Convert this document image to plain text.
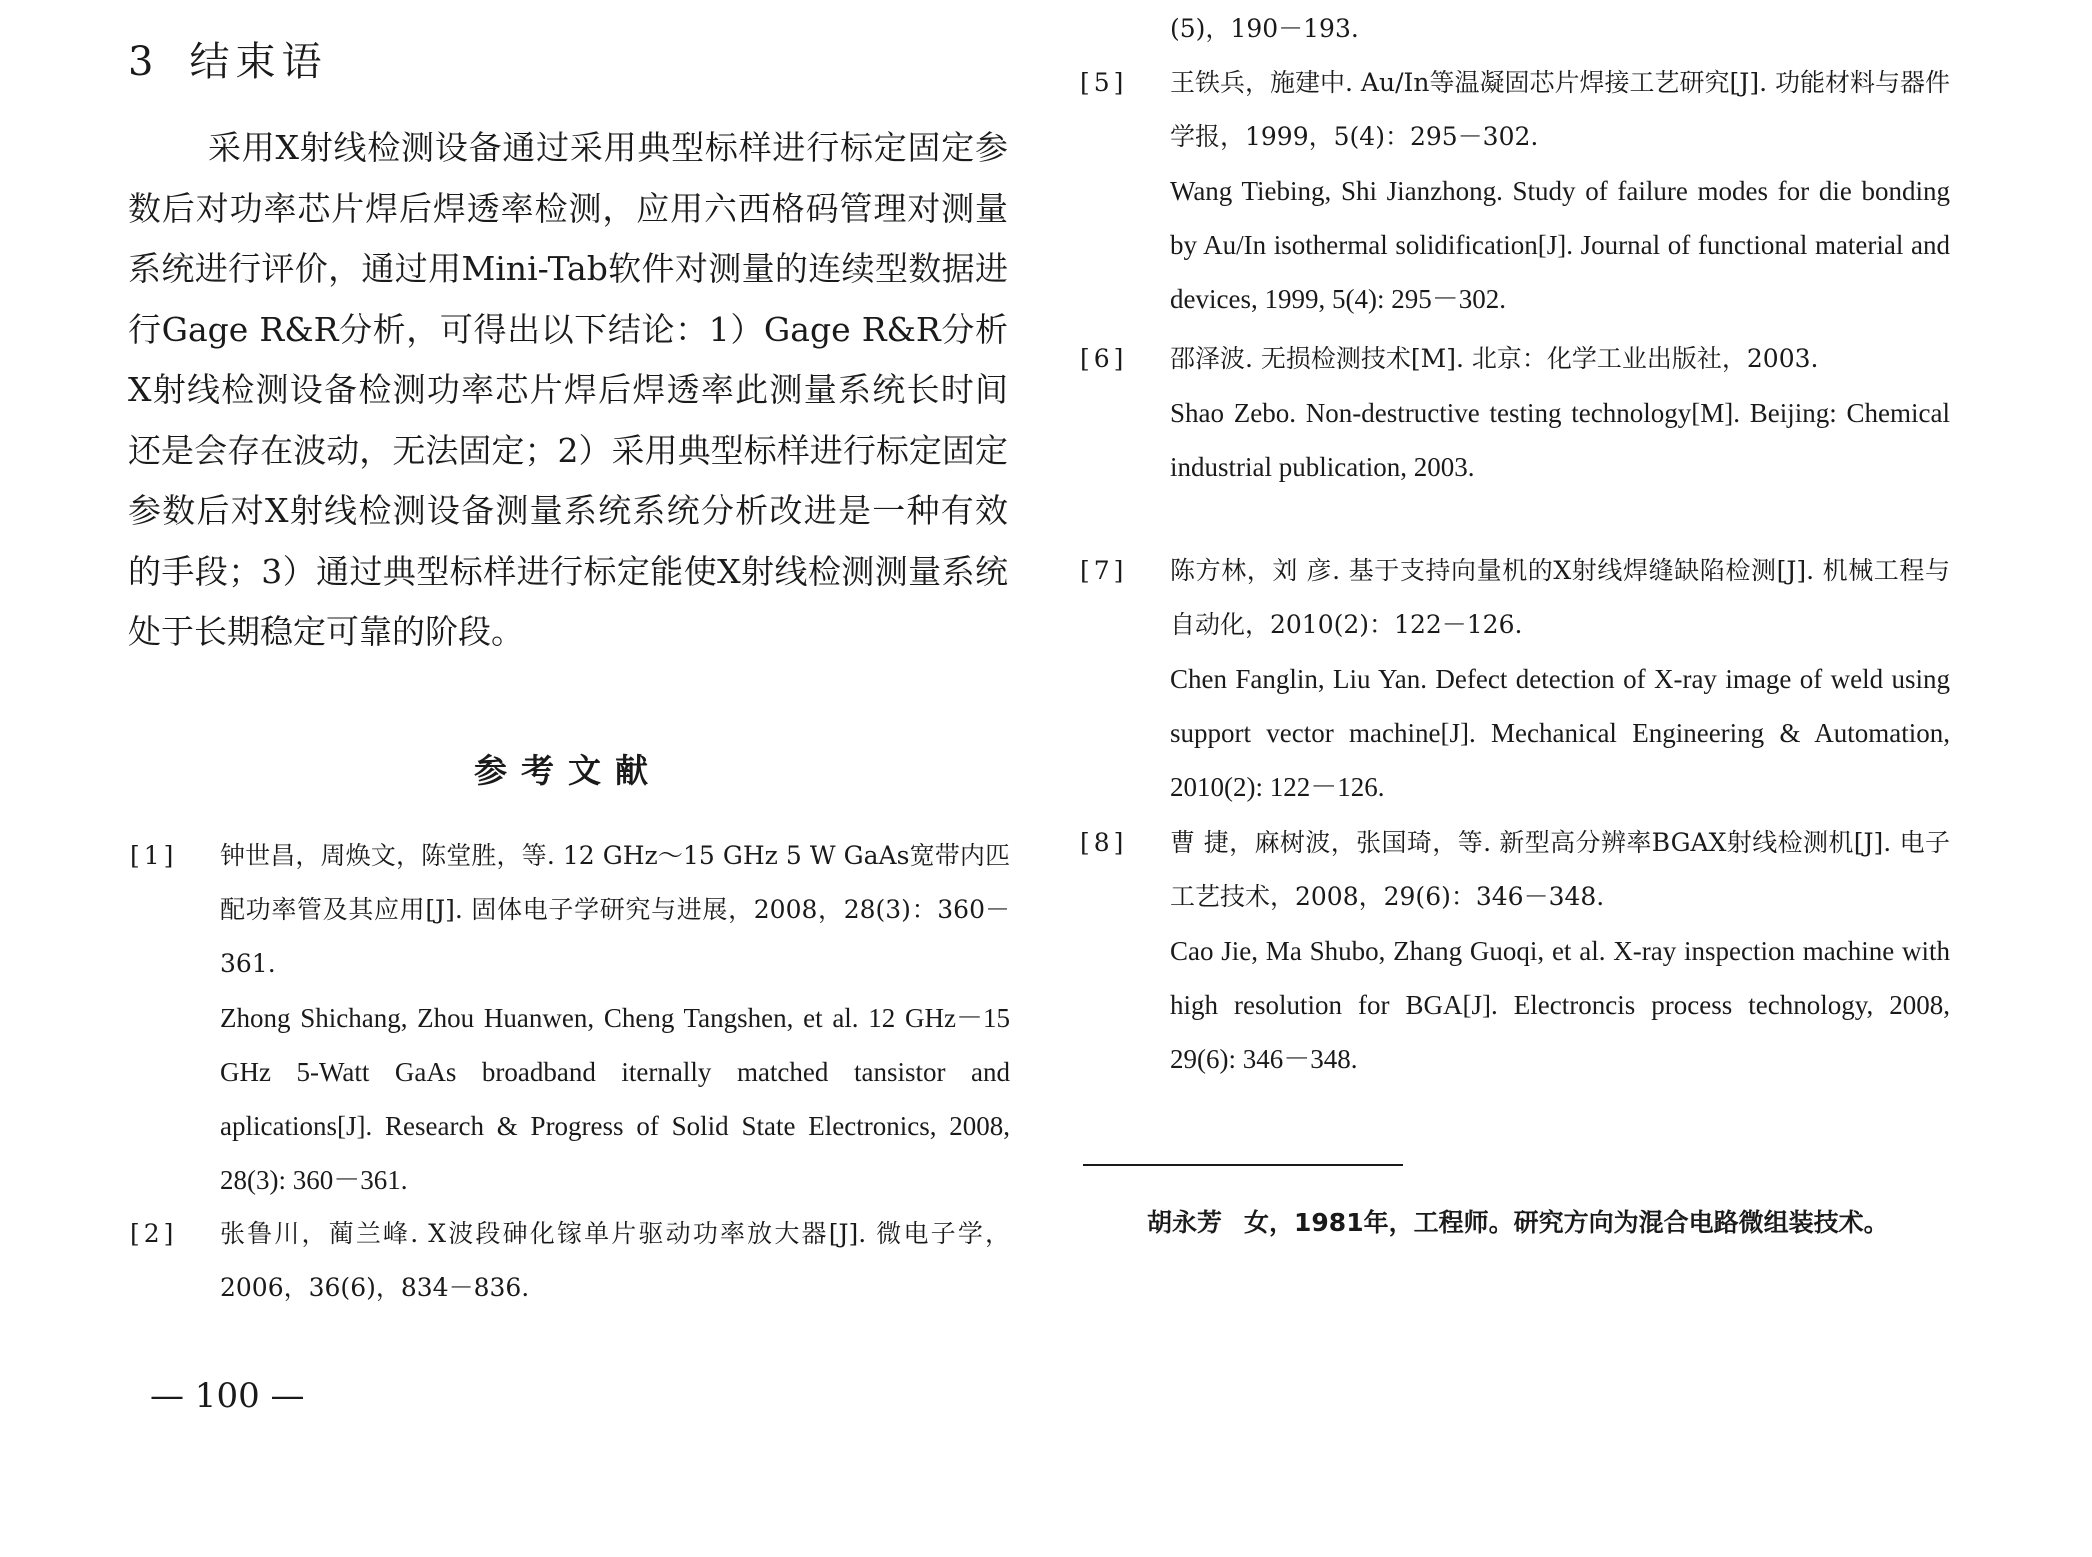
3 结束语

采用X射线检测设备通过采用典型标样进行标定固定参数后对功率芯片焊后焊透率检测，应用六西格码管理对测量系统进行评价，通过用Mini-Tab软件对测量的连续型数据进行Gage R&R分析，可得出以下结论：1）Gage R&R分析X射线检测设备检测功率芯片焊后焊透率此测量系统长时间还是会存在波动，无法固定；2）采用典型标样进行标定固定参数后对X射线检测设备测量系统系统分析改进是一种有效的手段；3）通过典型标样进行标定能使X射线检测测量系统处于长期稳定可靠的阶段。

参考文献
[1]	钟世昌，周焕文，陈堂胜，等. 12 GHz～15 GHz 5 W GaAs宽带内匹配功率管及其应用[J]. 固体电子学研究与进展，2008，28(3)：360－361.
Zhong Shichang, Zhou Huanwen, Cheng Tangshen, et al. 12 GHz－15 GHz 5-Watt GaAs broadband iternally matched tansistor and aplications[J]. Research & Progress of Solid State Electronics, 2008, 28(3): 360－361.
[2]	张鲁川，蔺兰峰. X波段砷化镓单片驱动功率放大器[J]. 微电子学，2006，36(6)，834－836.
(5)，190－193.
[5]	王铁兵，施建中. Au/In等温凝固芯片焊接工艺研究[J]. 功能材料与器件学报，1999，5(4)：295－302.
Wang Tiebing, Shi Jianzhong. Study of failure modes for die bonding by Au/In isothermal solidification[J]. Journal of functional material and devices, 1999, 5(4): 295－302.
[6]	邵泽波. 无损检测技术[M]. 北京：化学工业出版社，2003.
Shao Zebo. Non-destructive testing technology[M]. Beijing: Chemical industrial publication, 2003.
[7]	陈方林，刘 彦. 基于支持向量机的X射线焊缝缺陷检测[J]. 机械工程与自动化，2010(2)：122－126.
Chen Fanglin, Liu Yan. Defect detection of X-ray image of weld using support vector machine[J]. Mechanical Engineering & Automation, 2010(2): 122－126.
[8]	曹 捷，麻树波，张国琦，等. 新型高分辨率BGAX射线检测机[J]. 电子工艺技术，2008，29(6)：346－348.
Cao Jie, Ma Shubo, Zhang Guoqi, et al. X-ray inspection machine with high resolution for BGA[J]. Electroncis process technology, 2008, 29(6): 346－348.

胡永芳 女，1981年，工程师。研究方向为混合电路微组装技术。

— 100 —
